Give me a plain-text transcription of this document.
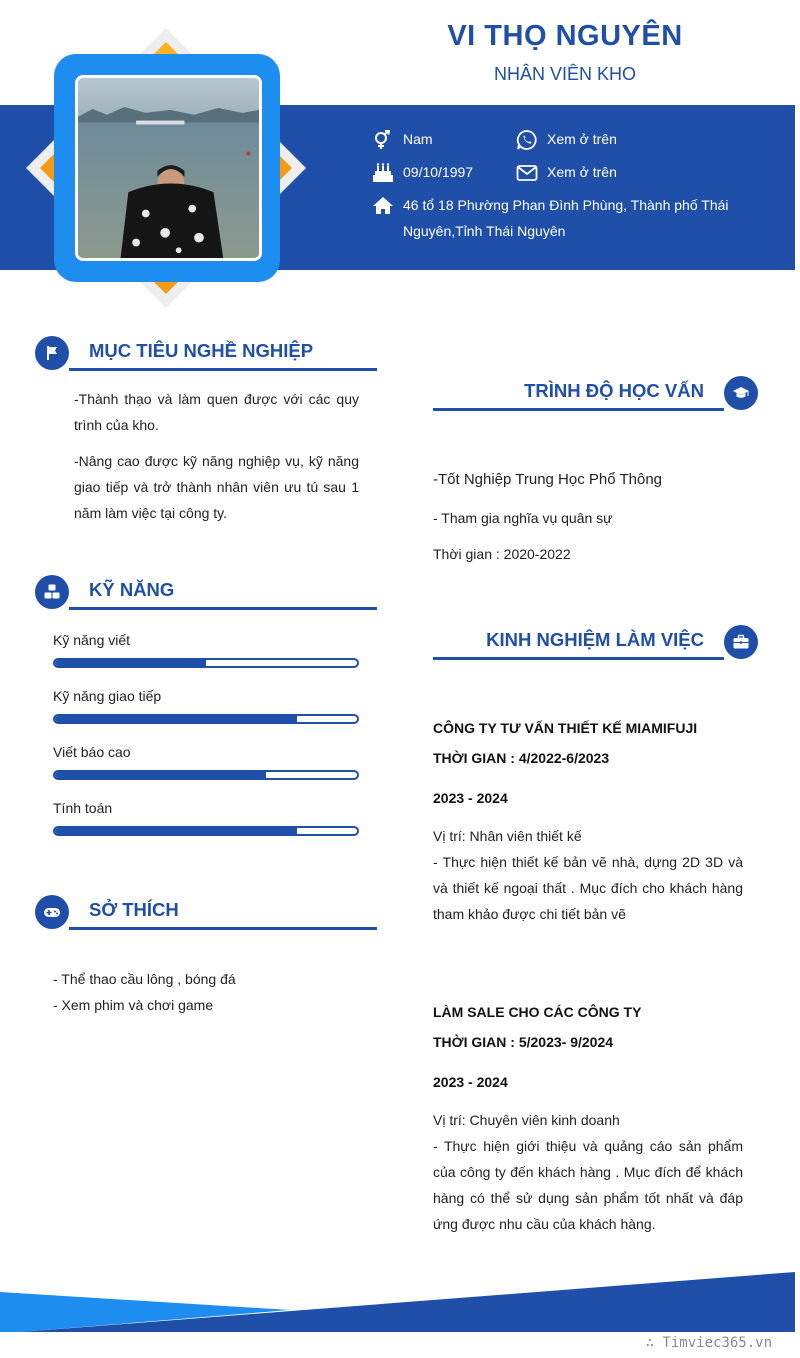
VI THỌ NGUYÊN
NHÂN VIÊN KHO
Nam	Xem ở trên
09/10/1997	Xem ở trên
46 tổ 18 Phường Phan Đình Phùng, Thành phố Thái Nguyên,Tỉnh Thái Nguyên
MỤC TIÊU NGHỀ NGHIỆP
-Thành thạo và làm quen được với các quy trình của kho.
-Nâng cao được kỹ năng nghiệp vụ, kỹ năng giao tiếp và trở thành nhân viên ưu tú sau 1 năm làm việc tại công ty.
KỸ NĂNG
Kỹ năng viết
Kỹ năng giao tiếp
Viết báo cao
Tính toán
SỞ THÍCH
- Thể thao cầu lông , bóng đá
- Xem phim và chơi game
TRÌNH ĐỘ HỌC VẤN
-Tốt Nghiệp Trung Học Phổ Thông
- Tham gia nghĩa vụ quân sự
Thời gian : 2020-2022
KINH NGHIỆM LÀM VIỆC
CÔNG TY TƯ VẤN THIẾT KẾ MIAMIFUJI
THỜI GIAN : 4/2022-6/2023
2023 - 2024
Vị trí: Nhân viên thiết kế
- Thực hiện thiết kế bản vẽ nhà, dựng 2D 3D và và thiết kế ngoại thất . Mục đích cho khách hàng tham khảo được chi tiết bản vẽ
LÀM SALE CHO CÁC CÔNG TY
THỜI GIAN : 5/2023- 9/2024
2023 - 2024
Vị trí: Chuyên viên kinh doanh
- Thực hiện giới thiệu và quảng cáo sản phẩm của công ty đến khách hàng . Mục đích để khách hàng có thể sử dụng sản phẩm tốt nhất và đáp ứng được nhu cầu của khách hàng.
∴ Timviec365.vn
